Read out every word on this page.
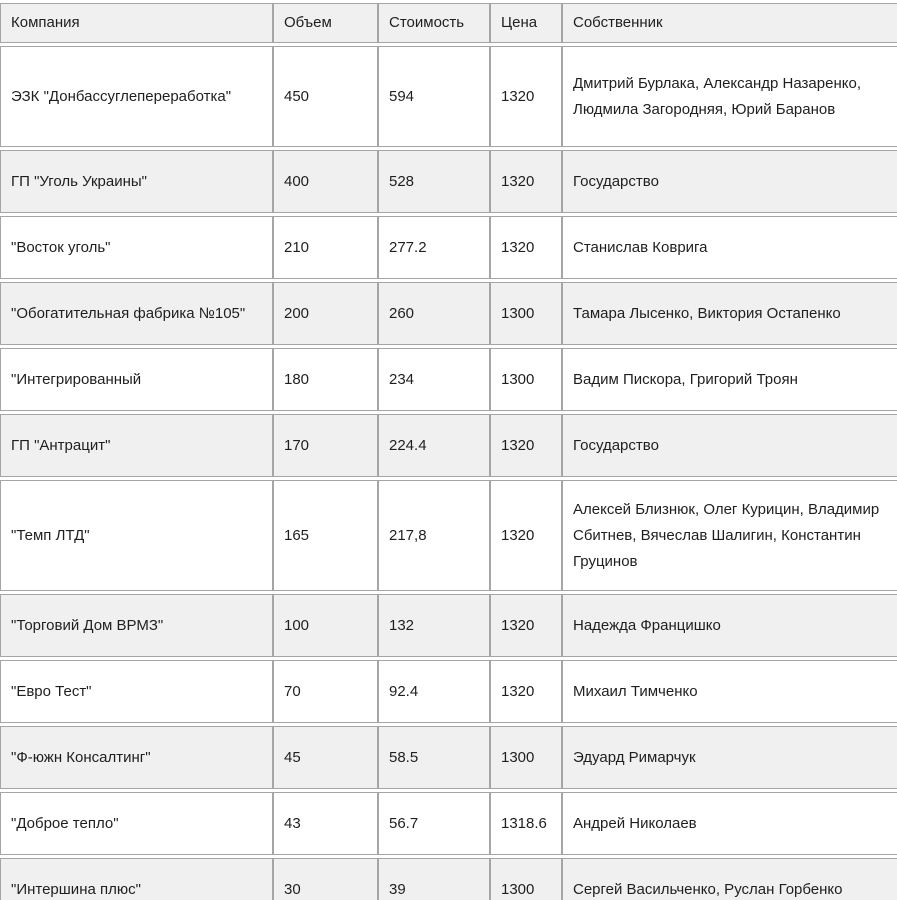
Компания	Объем	Стоимость	Цена	Собственник
ЭЗК "Донбассуглепереработка"	450	594	1320	Дмитрий Бурлака, Александр Назаренко, Людмила Загородняя, Юрий Баранов
ГП "Уголь Украины"	400	528	1320	Государство
"Восток уголь"	210	277.2	1320	Станислав Коврига
"Обогатительная фабрика №105"	200	260	1300	Тамара Лысенко, Виктория Остапенко
"Интегрированный	180	234	1300	Вадим Пискора, Григорий Троян
ГП "Антрацит"	170	224.4	1320	Государство
"Темп ЛТД"	165	217,8	1320	Алексей Близнюк, Олег Курицин, Владимир Сбитнев, Вячеслав Шалигин, Константин Груцинов
"Торговий Дом ВРМЗ"	100	132	1320	Надежда Францишко
"Евро Тест"	70	92.4	1320	Михаил Тимченко
"Ф-южн Консалтинг"	45	58.5	1300	Эдуард Римарчук
"Доброе тепло"	43	56.7	1318.6	Андрей Николаев
"Интершина плюс"	30	39	1300	Сергей Васильченко, Руслан Горбенко
